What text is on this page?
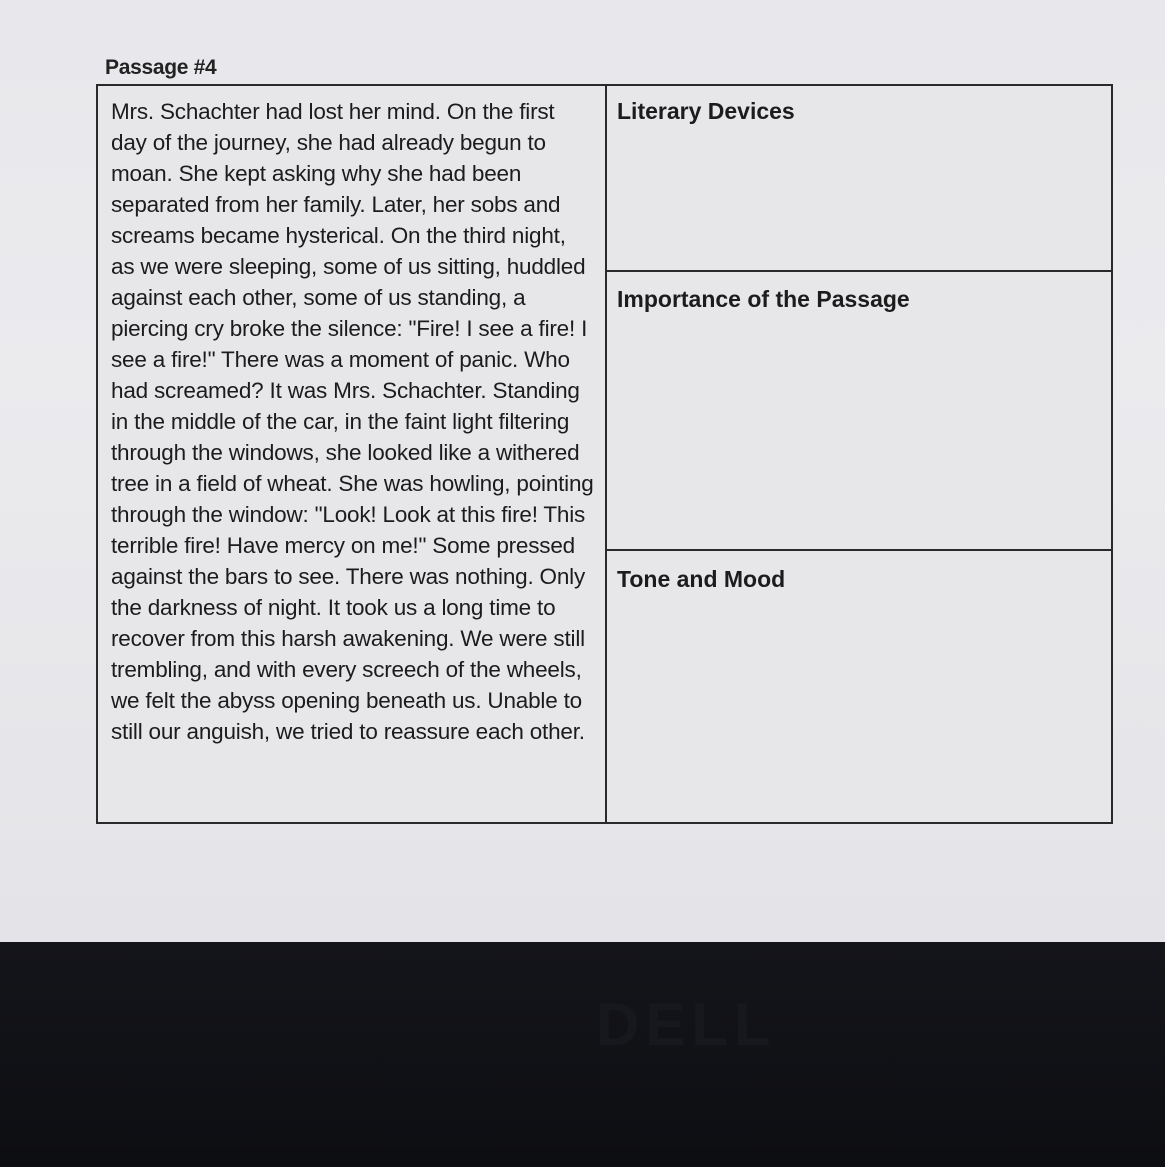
Passage #4
Mrs. Schachter had lost her mind. On the first day of the journey, she had already begun to moan. She kept asking why she had been separated from her family. Later, her sobs and screams became hysterical. On the third night, as we were sleeping, some of us sitting, huddled against each other, some of us standing, a piercing cry broke the silence: "Fire! I see a fire! I see a fire!" There was a moment of panic. Who had screamed? It was Mrs. Schachter. Standing in the middle of the car, in the faint light filtering through the windows, she looked like a withered tree in a field of wheat. She was howling, pointing through the window: "Look! Look at this fire! This terrible fire! Have mercy on me!" Some pressed against the bars to see. There was nothing. Only the darkness of night. It took us a long time to recover from this harsh awakening. We were still trembling, and with every screech of the wheels, we felt the abyss opening beneath us. Unable to still our anguish, we tried to reassure each other.
Literary Devices
Importance of the Passage
Tone and Mood
DELL
